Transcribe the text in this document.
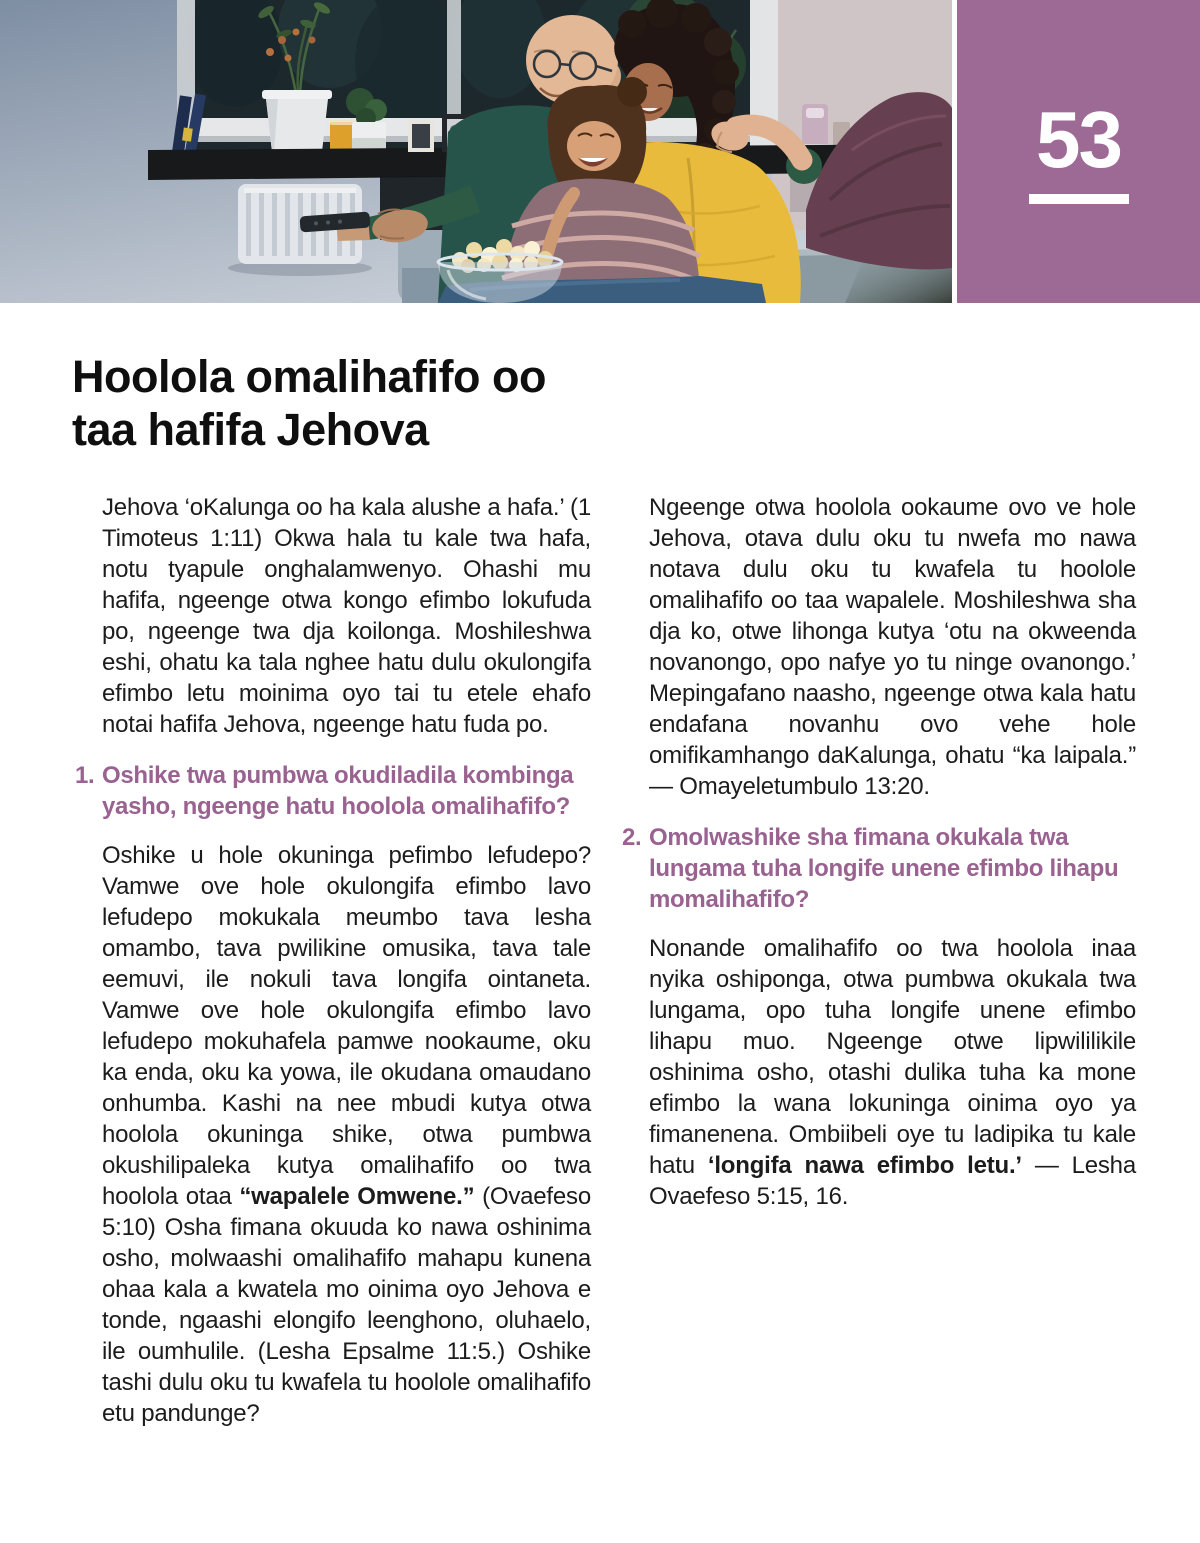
53
Hoolola omalihafifo oo
taa hafifa Jehova

Jehova ‘oKalunga oo ha kala alushe a hafa.’ (1 Timoteus 1:11) Okwa hala tu kale twa hafa, notu tyapule onghalamwenyo. Ohashi mu hafifa, ngeenge otwa kongo efimbo lokufuda po, ngeenge twa dja koilonga. Moshileshwa eshi, ohatu ka tala nghee hatu dulu okulongifa efimbo letu moinima oyo tai tu etele ehafo notai hafifa Jehova, ngeenge hatu fuda po.

1. Oshike twa pumbwa okudiladila kombinga yasho, ngeenge hatu hoolola omalihafifo?

Oshike u hole okuninga pefimbo lefudepo? Vamwe ove hole okulongifa efimbo lavo lefudepo mokukala meumbo tava lesha omambo, tava pwilikine omusika, tava tale eemuvi, ile nokuli tava longifa ointaneta. Vamwe ove hole okulongifa efimbo lavo lefudepo mokuhafela pamwe nookaume, oku ka enda, oku ka yowa, ile okudana omaudano onhumba. Kashi na nee mbudi kutya otwa hoolola okuninga shike, otwa pumbwa okushilipaleka kutya omalihafifo oo twa hoolola otaa “wapalele Omwene.” (Ovaefeso 5:10) Osha fimana okuuda ko nawa oshinima osho, molwaashi omalihafifo mahapu kunena ohaa kala a kwatela mo oinima oyo Jehova e tonde, ngaashi elongifo leenghono, oluhaelo, ile oumhulile. (Lesha Epsalme 11:5.) Oshike tashi dulu oku tu kwafela tu hoolole omalihafifo etu pandunge?

Ngeenge otwa hoolola ookaume ovo ve hole Jehova, otava dulu oku tu nwefa mo nawa notava dulu oku tu kwafela tu hoolole omalihafifo oo taa wapalele. Moshileshwa sha dja ko, otwe lihonga kutya ‘otu na okweenda novanongo, opo nafye yo tu ninge ovanongo.’ Mepingafano naasho, ngeenge otwa kala hatu endafana novanhu ovo vehe hole omifikamhango daKalunga, ohatu “ka laipala.” — Omayeletumbulo 13:20.

2. Omolwashike sha fimana okukala twa lungama tuha longife unene efimbo lihapu momalihafifo?

Nonande omalihafifo oo twa hoolola inaa nyika oshiponga, otwa pumbwa okukala twa lungama, opo tuha longife unene efimbo lihapu muo. Ngeenge otwe lipwililikile oshinima osho, otashi dulika tuha ka mone efimbo la wana lokuninga oinima oyo ya fimanenena. Ombiibeli oye tu ladipika tu kale hatu ‘longifa nawa efimbo letu.’ — Lesha Ovaefeso 5:15, 16.
